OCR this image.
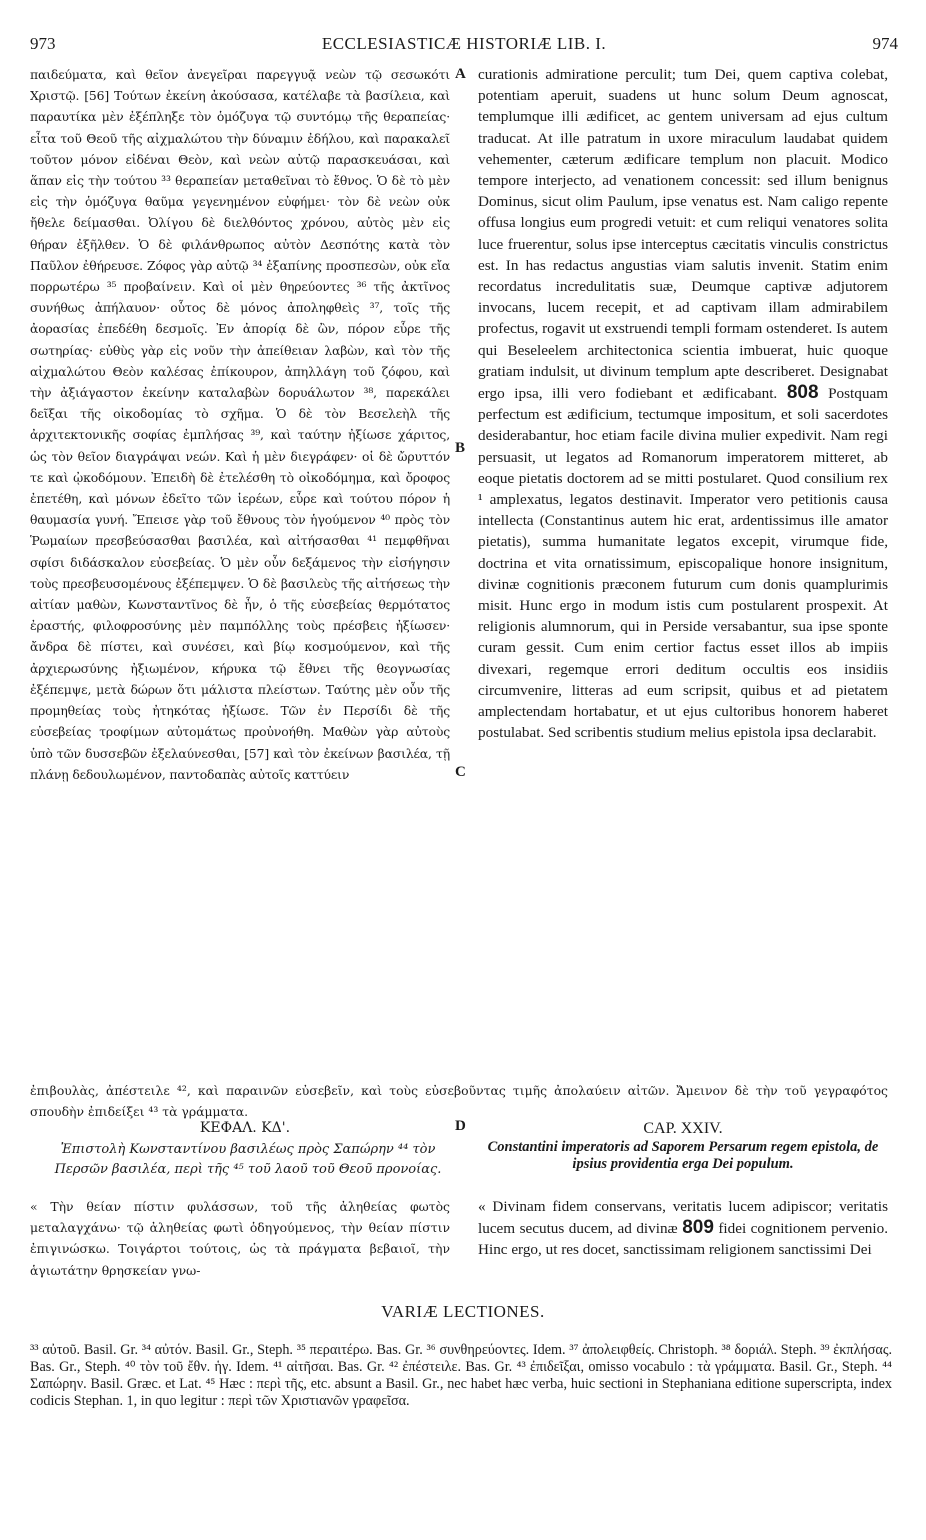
973	ECCLESIASTICÆ HISTORIÆ LIB. I.	974

παιδεύματα, καὶ θεῖον ἀνεγεῖραι παρεγγυᾷ νεὼν τῷ σεσωκότι Χριστῷ. [56] Τούτων ἐκείνη ἀκούσασα, κατέλαβε τὰ βασίλεια, καὶ παραυτίκα μὲν ἐξέπληξε τὸν ὁμόζυγα τῷ συντόμῳ τῆς θεραπείας· εἶτα τοῦ Θεοῦ τῆς αἰχμαλώτου τὴν δύναμιν ἐδήλου, καὶ παρακαλεῖ τοῦτον μόνον εἰδέναι Θεὸν, καὶ νεὼν αὐτῷ παρασκευάσαι, καὶ ἅπαν εἰς τὴν τούτου ³³ θεραπείαν μεταθεῖναι τὸ ἔθνος. Ὁ δὲ τὸ μὲν εἰς τὴν ὁμόζυγα θαῦμα γεγενημένον εὐφήμει· τὸν δὲ νεὼν οὐκ ἤθελε δείμασθαι. Ὀλίγου δὲ διελθόντος χρόνου, αὐτὸς μὲν εἰς θήραν ἐξῆλθεν. Ὁ δὲ φιλάνθρωπος αὐτὸν Δεσπότης κατὰ τὸν Παῦλον ἐθήρευσε. Ζόφος γὰρ αὐτῷ ³⁴ ἐξαπίνης προσπεσὼν, οὐκ εἴα πορρωτέρω ³⁵ προβαίνειν. Καὶ οἱ μὲν θηρεύοντες ³⁶ τῆς ἀκτῖνος συνήθως ἀπήλαυον· οὗτος δὲ μόνος ἀποληφθεὶς ³⁷, τοῖς τῆς ἀορασίας ἐπεδέθη δεσμοῖς. Ἐν ἀπορίᾳ δὲ ὢν, πόρον εὗρε τῆς σωτηρίας· εὐθὺς γὰρ εἰς νοῦν τὴν ἀπείθειαν λαβὼν, καὶ τὸν τῆς αἰχμαλώτου Θεὸν καλέσας ἐπίκουρον, ἀπηλλάγη τοῦ ζόφου, καὶ τὴν ἀξιάγαστον ἐκείνην καταλαβὼν δορυάλωτον ³⁸, παρεκάλει δεῖξαι τῆς οἰκοδομίας τὸ σχῆμα. Ὁ δὲ τὸν Βεσελεὴλ τῆς ἀρχιτεκτονικῆς σοφίας ἐμπλήσας ³⁹, καὶ ταύτην ἠξίωσε χάριτος, ὡς τὸν θεῖον διαγράψαι νεών. Καὶ ἡ μὲν διεγράφεν· οἱ δὲ ὤρυττόν τε καὶ ᾠκοδόμουν. Ἐπειδὴ δὲ ἐτελέσθη τὸ οἰκοδόμημα, καὶ ὄροφος ἐπετέθη, καὶ μόνων ἐδεῖτο τῶν ἱερέων, εὗρε καὶ τούτου πόρον ἡ θαυμασία γυνή. Ἔπεισε γὰρ τοῦ ἔθνους τὸν ἡγούμενον ⁴⁰ πρὸς τὸν Ῥωμαίων πρεσβεύσασθαι βασιλέα, καὶ αἰτήσασθαι ⁴¹ πεμφθῆναι σφίσι διδάσκαλον εὐσεβείας. Ὁ μὲν οὖν δεξάμενος τὴν εἰσήγησιν τοὺς πρεσβευσομένους ἐξέπεμψεν. Ὁ δὲ βασιλεὺς τῆς αἰτήσεως τὴν αἰτίαν μαθὼν, Κωνσταντῖνος δὲ ἦν, ὁ τῆς εὐσεβείας θερμότατος ἐραστής, φιλοφροσύνης μὲν παμπόλλης τοὺς πρέσβεις ἠξίωσεν· ἄνδρα δὲ πίστει, καὶ συνέσει, καὶ βίῳ κοσμούμενον, καὶ τῆς ἀρχιερωσύνης ἠξιωμένον, κήρυκα τῷ ἔθνει τῆς θεογνωσίας ἐξέπεμψε, μετὰ δώρων ὅτι μάλιστα πλείστων. Ταύτης μὲν οὖν τῆς προμηθείας τοὺς ἠτηκότας ἠξίωσε. Τῶν ἐν Περσίδι δὲ τῆς εὐσεβείας τροφίμων αὐτομάτως προὐνοήθη. Μαθὼν γὰρ αὐτοὺς ὑπὸ τῶν δυσσεβῶν ἐξελαύνεσθαι, [57] καὶ τὸν ἐκείνων βασιλέα, τῇ πλάνῃ δεδουλωμένον, παντοδαπὰς αὐτοῖς καττύειν

A
B
C
D

curationis admiratione perculit; tum Dei, quem captiva colebat, potentiam aperuit, suadens ut hunc solum Deum agnoscat, templumque illi ædificet, ac gentem universam ad ejus cultum traducat. At ille patratum in uxore miraculum laudabat quidem vehementer, cæterum ædificare templum non placuit. Modico tempore interjecto, ad venationem concessit: sed illum benignus Dominus, sicut olim Paulum, ipse venatus est. Nam caligo repente offusa longius eum progredi vetuit: et cum reliqui venatores solita luce fruerentur, solus ipse interceptus cæcitatis vinculis constrictus est. In has redactus angustias viam salutis invenit. Statim enim recordatus incredulitatis suæ, Deumque captivæ adjutorem invocans, lucem recepit, et ad captivam illam admirabilem profectus, rogavit ut exstruendi templi formam ostenderet. Is autem qui Beseleelem architectonica scientia imbuerat, huic quoque gratiam indulsit, ut divinum templum apte describeret. Designabat ergo ipsa, illi vero fodiebant et ædificabant. 808 Postquam perfectum est ædificium, tectumque impositum, et soli sacerdotes desiderabantur, hoc etiam facile divina mulier expedivit. Nam regi persuasit, ut legatos ad Romanorum imperatorem mitteret, ab eoque pietatis doctorem ad se mitti postularet. Quod consilium rex ¹ amplexatus, legatos destinavit. Imperator vero petitionis causa intellecta (Constantinus autem hic erat, ardentissimus ille amator pietatis), summa humanitate legatos excepit, virumque fide, doctrina et vita ornatissimum, episcopalique honore insignitum, divinæ cognitionis præconem futurum cum donis quamplurimis misit. Hunc ergo in modum istis cum postularent prospexit. At religionis alumnorum, qui in Perside versabantur, sua ipse sponte curam gessit. Cum enim certior factus esset illos ab impiis divexari, regemque errori deditum occultis eos insidiis circumvenire, litteras ad eum scripsit, quibus et ad pietatem amplectendam hortabatur, et ut ejus cultoribus honorem haberet postulabat. Sed scribentis studium melius epistola ipsa declarabit.

ἐπιβουλὰς, ἀπέστειλε ⁴², καὶ παραινῶν εὐσεβεῖν, καὶ τοὺς εὐσεβοῦντας τιμῆς ἀπολαύειν αἰτῶν. Ἄμεινον δὲ τὴν τοῦ γεγραφότος σπουδὴν ἐπιδείξει ⁴³ τὰ γράμματα.

ΚΕΦΑΛ. ΚΔ'.	CAP. XXIV.
Ἐπιστολὴ Κωνσταντίνου βασιλέως πρὸς Σαπώρην ⁴⁴ τὸν Περσῶν βασιλέα, περὶ τῆς ⁴⁵ τοῦ λαοῦ τοῦ Θεοῦ προνοίας.
Constantini imperatoris ad Saporem Persarum regem epistola, de ipsius providentia erga Dei populum.

« Τὴν θείαν πίστιν φυλάσσων, τοῦ τῆς ἀληθείας φωτὸς μεταλαγχάνω· τῷ ἀληθείας φωτὶ ὁδηγούμενος, τὴν θείαν πίστιν ἐπιγινώσκω. Τοιγάρτοι τούτοις, ὡς τὰ πράγματα βεβαιοῖ, τὴν ἁγιωτάτην θρησκείαν γνω-

« Divinam fidem conservans, veritatis lucem adipiscor; veritatis lucem secutus ducem, ad divinæ 809 fidei cognitionem pervenio. Hinc ergo, ut res docet, sanctissimam religionem sanctissimi Dei

VARIÆ LECTIONES.

³³ αὐτοῦ. Basil. Gr. ³⁴ αὐτόν. Basil. Gr., Steph. ³⁵ περαιτέρω. Bas. Gr. ³⁶ συνθηρεύοντες. Idem. ³⁷ ἀπολειφθείς. Christoph. ³⁸ δοριάλ. Steph. ³⁹ ἐκπλήσας. Bas. Gr., Steph. ⁴⁰ τὸν τοῦ ἔθν. ἡγ. Idem. ⁴¹ αἰτῆσαι. Bas. Gr. ⁴² ἐπέστειλε. Bas. Gr. ⁴³ ἐπιδεῖξαι, omisso vocabulo : τὰ γράμματα. Basil. Gr., Steph. ⁴⁴ Σαπώρην. Basil. Græc. et Lat. ⁴⁵ Hæc : περὶ τῆς, etc. absunt a Basil. Gr., nec habet hæc verba, huic sectioni in Stephaniana editione superscripta, index codicis Stephan. 1, in quo legitur : περὶ τῶν Χριστιανῶν γραφεῖσα.
